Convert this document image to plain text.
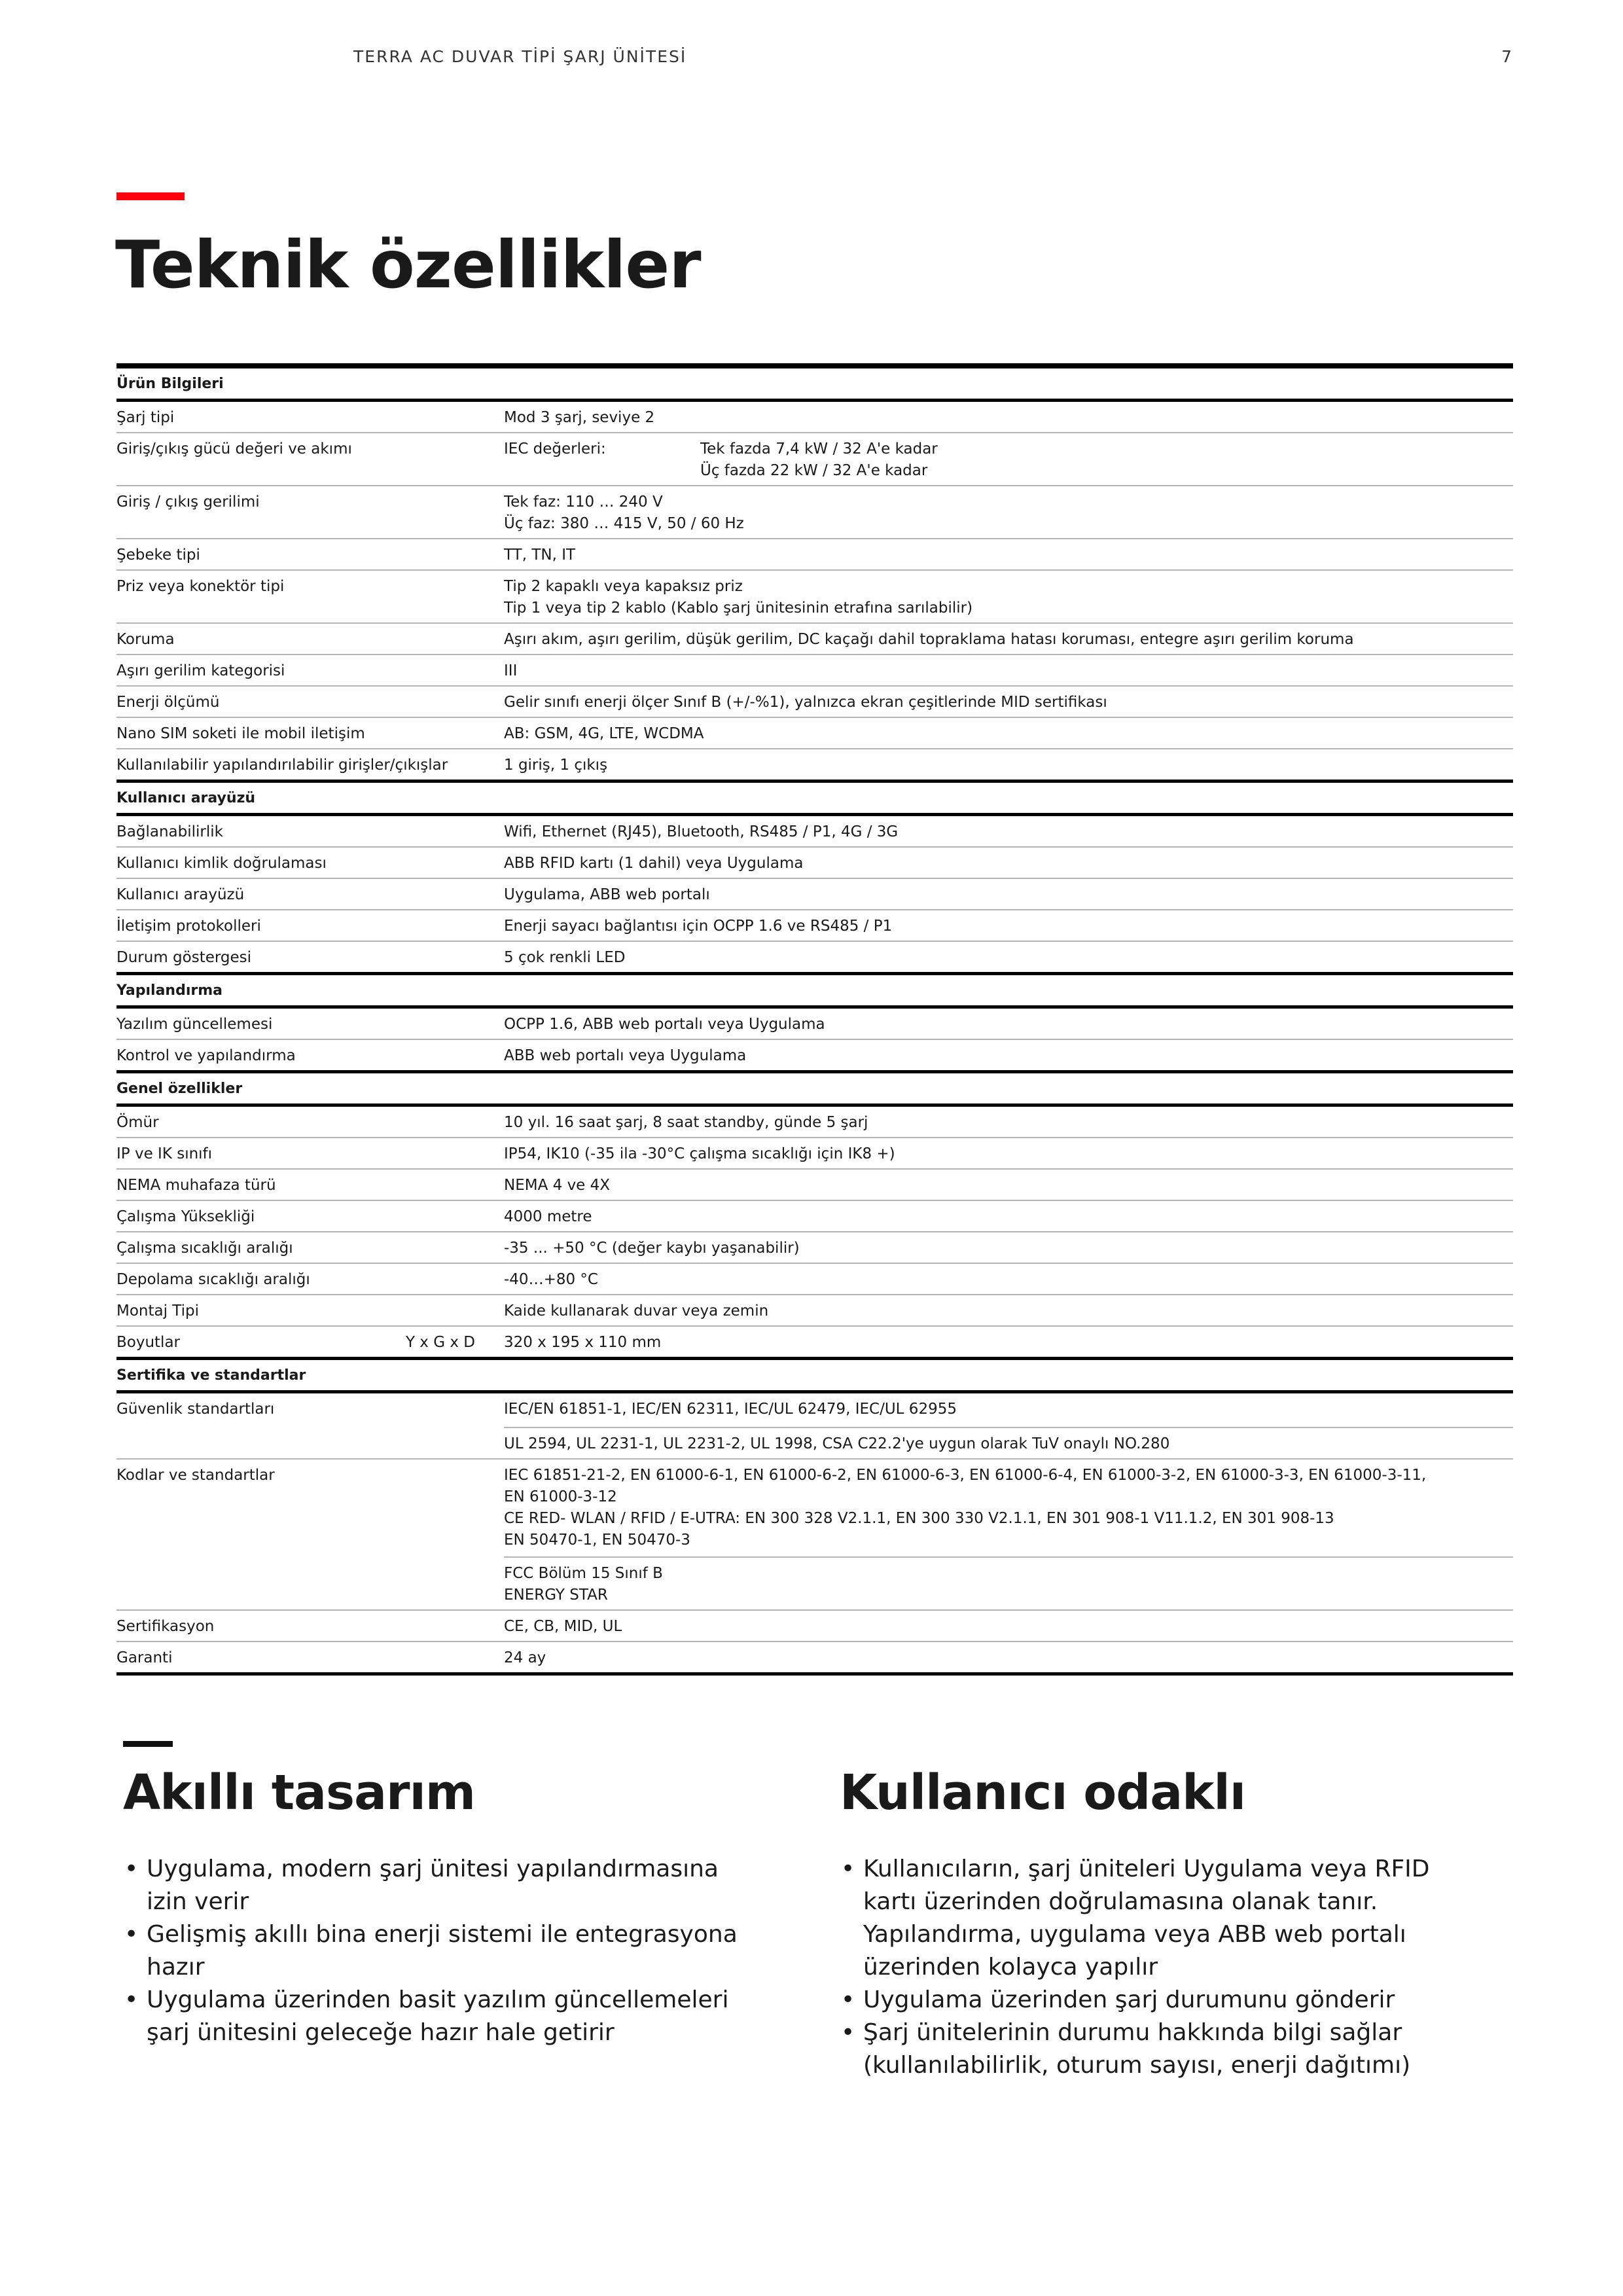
TERRA AC DUVAR TİPİ ŞARJ ÜNİTESİ	7
Teknik özellikler
Ürün Bilgileri
Şarj tipi	Mod 3 şarj, seviye 2
Giriş/çıkış gücü değeri ve akımı	IEC değerleri:	Tek fazda 7,4 kW / 32 A'e kadar
Üç fazda 22 kW / 32 A'e kadar
Giriş / çıkış gerilimi	Tek faz: 110 … 240 V
Üç faz: 380 … 415 V, 50 / 60 Hz
Şebeke tipi	TT, TN, IT
Priz veya konektör tipi	Tip 2 kapaklı veya kapaksız priz
Tip 1 veya tip 2 kablo (Kablo şarj ünitesinin etrafına sarılabilir)
Koruma	Aşırı akım, aşırı gerilim, düşük gerilim, DC kaçağı dahil topraklama hatası koruması, entegre aşırı gerilim koruma
Aşırı gerilim kategorisi	III
Enerji ölçümü	Gelir sınıfı enerji ölçer Sınıf B (+/-%1), yalnızca ekran çeşitlerinde MID sertifikası
Nano SIM soketi ile mobil iletişim	AB: GSM, 4G, LTE, WCDMA
Kullanılabilir yapılandırılabilir girişler/çıkışlar	1 giriş, 1 çıkış
Kullanıcı arayüzü
Bağlanabilirlik	Wifi, Ethernet (RJ45), Bluetooth, RS485 / P1, 4G / 3G
Kullanıcı kimlik doğrulaması	ABB RFID kartı (1 dahil) veya Uygulama
Kullanıcı arayüzü	Uygulama, ABB web portalı
İletişim protokolleri	Enerji sayacı bağlantısı için OCPP 1.6 ve RS485 / P1
Durum göstergesi	5 çok renkli LED
Yapılandırma
Yazılım güncellemesi	OCPP 1.6, ABB web portalı veya Uygulama
Kontrol ve yapılandırma	ABB web portalı veya Uygulama
Genel özellikler
Ömür	10 yıl. 16 saat şarj, 8 saat standby, günde 5 şarj
IP ve IK sınıfı	IP54, IK10 (-35 ila -30°C çalışma sıcaklığı için IK8 +)
NEMA muhafaza türü	NEMA 4 ve 4X
Çalışma Yüksekliği	4000 metre
Çalışma sıcaklığı aralığı	-35 ... +50 °C (değer kaybı yaşanabilir)
Depolama sıcaklığı aralığı	-40…+80 °C
Montaj Tipi	Kaide kullanarak duvar veya zemin
Boyutlar	Y x G x D 320 x 195 x 110 mm
Sertifika ve standartlar
Güvenlik standartları	IEC/EN 61851-1, IEC/EN 62311, IEC/UL 62479, IEC/UL 62955
UL 2594, UL 2231-1, UL 2231-2, UL 1998, CSA C22.2'ye uygun olarak TuV onaylı NO.280
Kodlar ve standartlar	IEC 61851-21-2, EN 61000-6-1, EN 61000-6-2, EN 61000-6-3, EN 61000-6-4, EN 61000-3-2, EN 61000-3-3, EN 61000-3-11,
EN 61000-3-12
CE RED- WLAN / RFID / E-UTRA: EN 300 328 V2.1.1, EN 300 330 V2.1.1, EN 301 908-1 V11.1.2, EN 301 908-13
EN 50470-1, EN 50470-3
FCC Bölüm 15 Sınıf B
ENERGY STAR
Sertifikasyon	CE, CB, MID, UL
Garanti	24 ay
Akıllı tasarım
• Uygulama, modern şarj ünitesi yapılandırmasına izin verir
• Gelişmiş akıllı bina enerji sistemi ile entegrasyona hazır
• Uygulama üzerinden basit yazılım güncellemeleri şarj ünitesini geleceğe hazır hale getirir
Kullanıcı odaklı
• Kullanıcıların, şarj üniteleri Uygulama veya RFID kartı üzerinden doğrulamasına olanak tanır. Yapılandırma, uygulama veya ABB web portalı üzerinden kolayca yapılır
• Uygulama üzerinden şarj durumunu gönderir
• Şarj ünitelerinin durumu hakkında bilgi sağlar (kullanılabilirlik, oturum sayısı, enerji dağıtımı)
